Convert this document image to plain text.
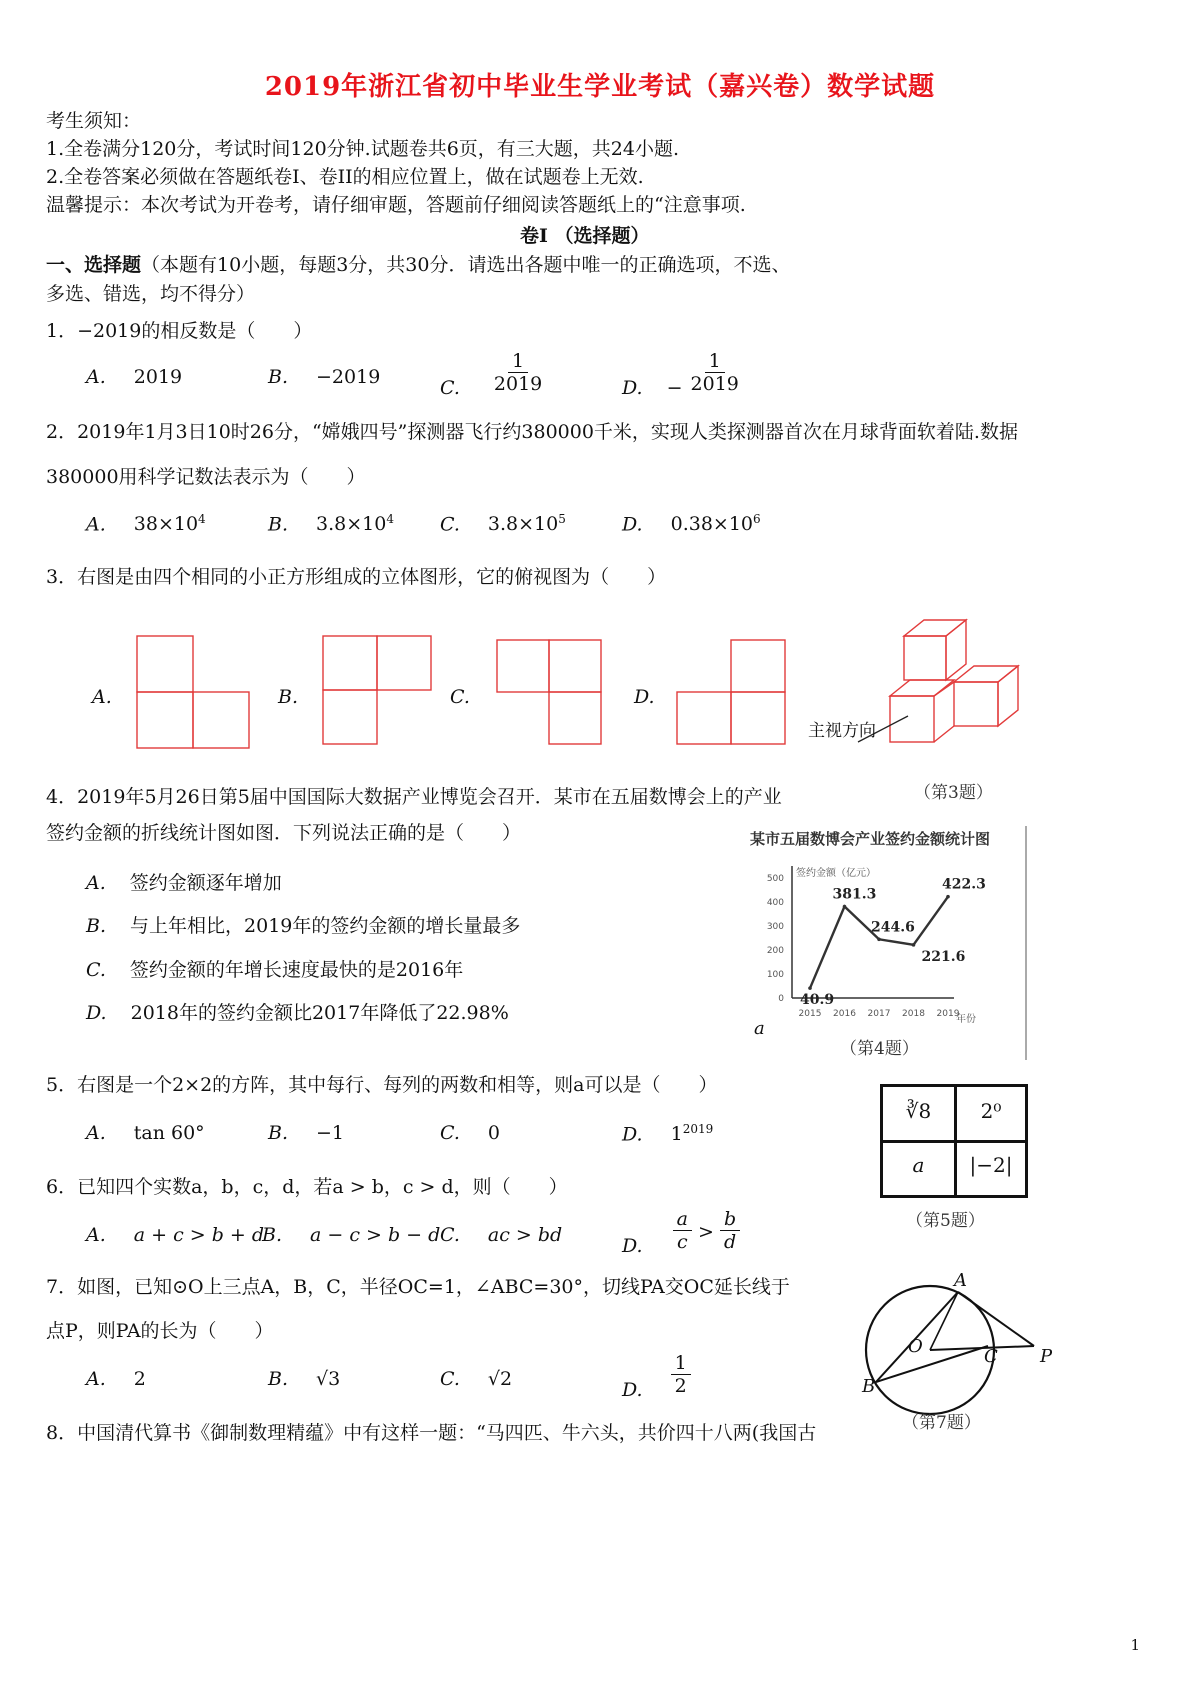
2019年浙江省初中毕业生学业考试（嘉兴卷）数学试题
考生须知：
1.全卷满分120分，考试时间120分钟.试题卷共6页，有三大题，共24小题.
2.全卷答案必须做在答题纸卷I、卷II的相应位置上，做在试题卷上无效.
温馨提示：本次考试为开卷考，请仔细审题，答题前仔细阅读答题纸上的“注意事项.
卷Ⅰ （选择题）
一、选择题（本题有10小题，每题3分，共30分．请选出各题中唯一的正确选项，不选、
多选、错选，均不得分）
1．−2019的相反数是（　　）
A. 2019	B. −2019	C. $\frac{1}{2019}$	D. − $\frac{1}{2019}$
2．2019年1月3日10时26分，“嫦娥四号”探测器飞行约380000千米，实现人类探测器首次在月球背面软着陆.数据
380000用科学记数法表示为（　　）
A. $38\times 10^4$	B. $3.8\times 10^4$ C. $3.8\times 10^5$	D. $0.38\times 10^6$
3．右图是由四个相同的小正方形组成的立体图形，它的俯视图为（　　）
A.	B.	C.	D.
主视方向
（第3题）
4．2019年5月26日第5届中国国际大数据产业博览会召开．某市在五届数博会上的产业
签约金额的折线统计图如图．下列说法正确的是（　　）
A. 签约金额逐年增加
B. 与上年相比，2019年的签约金额的增长量最多
C. 签约金额的年增长速度最快的是2016年
D. 2018年的签约金额比2017年降低了22.98%
某市五届数博会产业签约金额统计图
签约金额（亿元）
年份
（第4题）
a
0
100
200
300
400
500
2015 2016 2017 2018 2019
40.9
381.3
244.6
221.6
422.3
5．右图是一个2×2的方阵，其中每行、每列的两数和相等，则a可以是（　　）
A. tan 60°	B. −1	C. 0	D. $1^{2019}$
∛8	2⁰
a	|−2|
（第5题）
6．已知四个实数a，b，c，d，若a > b，c > d，则（　　）
A. a + c > b + d
B. a − c > b − d C. ac > bd	D. $\frac{a}{c} > \frac{b}{d}$
7．如图，已知⊙O上三点A，B，C，半径OC=1，∠ABC=30°，切线PA交OC延长线于
点P，则PA的长为（　　）
A. 2	B. √3	C. √2	D. $\frac{1}{2}$
A
O	C P
B
（第7题）
8．中国清代算书《御制数理精蕴》中有这样一题：“马四匹、牛六头，共价四十八两(我国古
1
